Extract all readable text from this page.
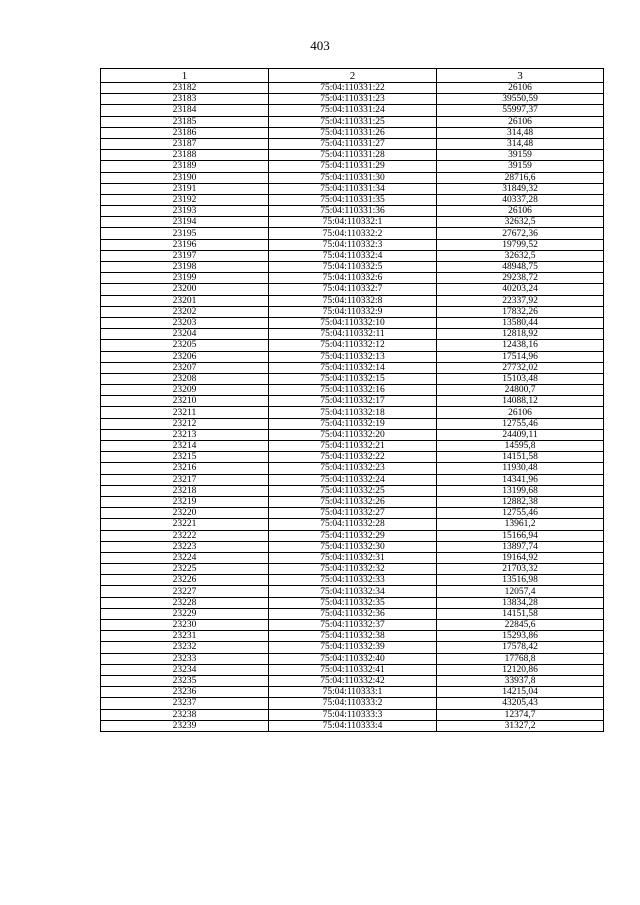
403
1	2	3
23182	75:04:110331:22	26106
23183	75:04:110331:23	39550,59
23184	75:04:110331:24	55997,37
23185	75:04:110331:25	26106
23186	75:04:110331:26	314,48
23187	75:04:110331:27	314,48
23188	75:04:110331:28	39159
23189	75:04:110331:29	39159
23190	75:04:110331:30	28716,6
23191	75:04:110331:34	31849,32
23192	75:04:110331:35	40337,28
23193	75:04:110331:36	26106
23194	75:04:110332:1	32632,5
23195	75:04:110332:2	27672,36
23196	75:04:110332:3	19799,52
23197	75:04:110332:4	32632,5
23198	75:04:110332:5	48948,75
23199	75:04:110332:6	29238,72
23200	75:04:110332:7	40203,24
23201	75:04:110332:8	22337,92
23202	75:04:110332:9	17832,26
23203	75:04:110332:10	13580,44
23204	75:04:110332:11	12818,92
23205	75:04:110332:12	12438,16
23206	75:04:110332:13	17514,96
23207	75:04:110332:14	27732,02
23208	75:04:110332:15	15103,48
23209	75:04:110332:16	24800,7
23210	75:04:110332:17	14088,12
23211	75:04:110332:18	26106
23212	75:04:110332:19	12755,46
23213	75:04:110332:20	24409,11
23214	75:04:110332:21	14595,8
23215	75:04:110332:22	14151,58
23216	75:04:110332:23	11930,48
23217	75:04:110332:24	14341,96
23218	75:04:110332:25	13199,68
23219	75:04:110332:26	12882,38
23220	75:04:110332:27	12755,46
23221	75:04:110332:28	13961,2
23222	75:04:110332:29	15166,94
23223	75:04:110332:30	13897,74
23224	75:04:110332:31	19164,92
23225	75:04:110332:32	21703,32
23226	75:04:110332:33	13516,98
23227	75:04:110332:34	12057,4
23228	75:04:110332:35	13834,28
23229	75:04:110332:36	14151,58
23230	75:04:110332:37	22845,6
23231	75:04:110332:38	15293,86
23232	75:04:110332:39	17578,42
23233	75:04:110332:40	17768,8
23234	75:04:110332:41	12120,86
23235	75:04:110332:42	33937,8
23236	75:04:110333:1	14215,04
23237	75:04:110333:2	43205,43
23238	75:04:110333:3	12374,7
23239	75:04:110333:4	31327,2
